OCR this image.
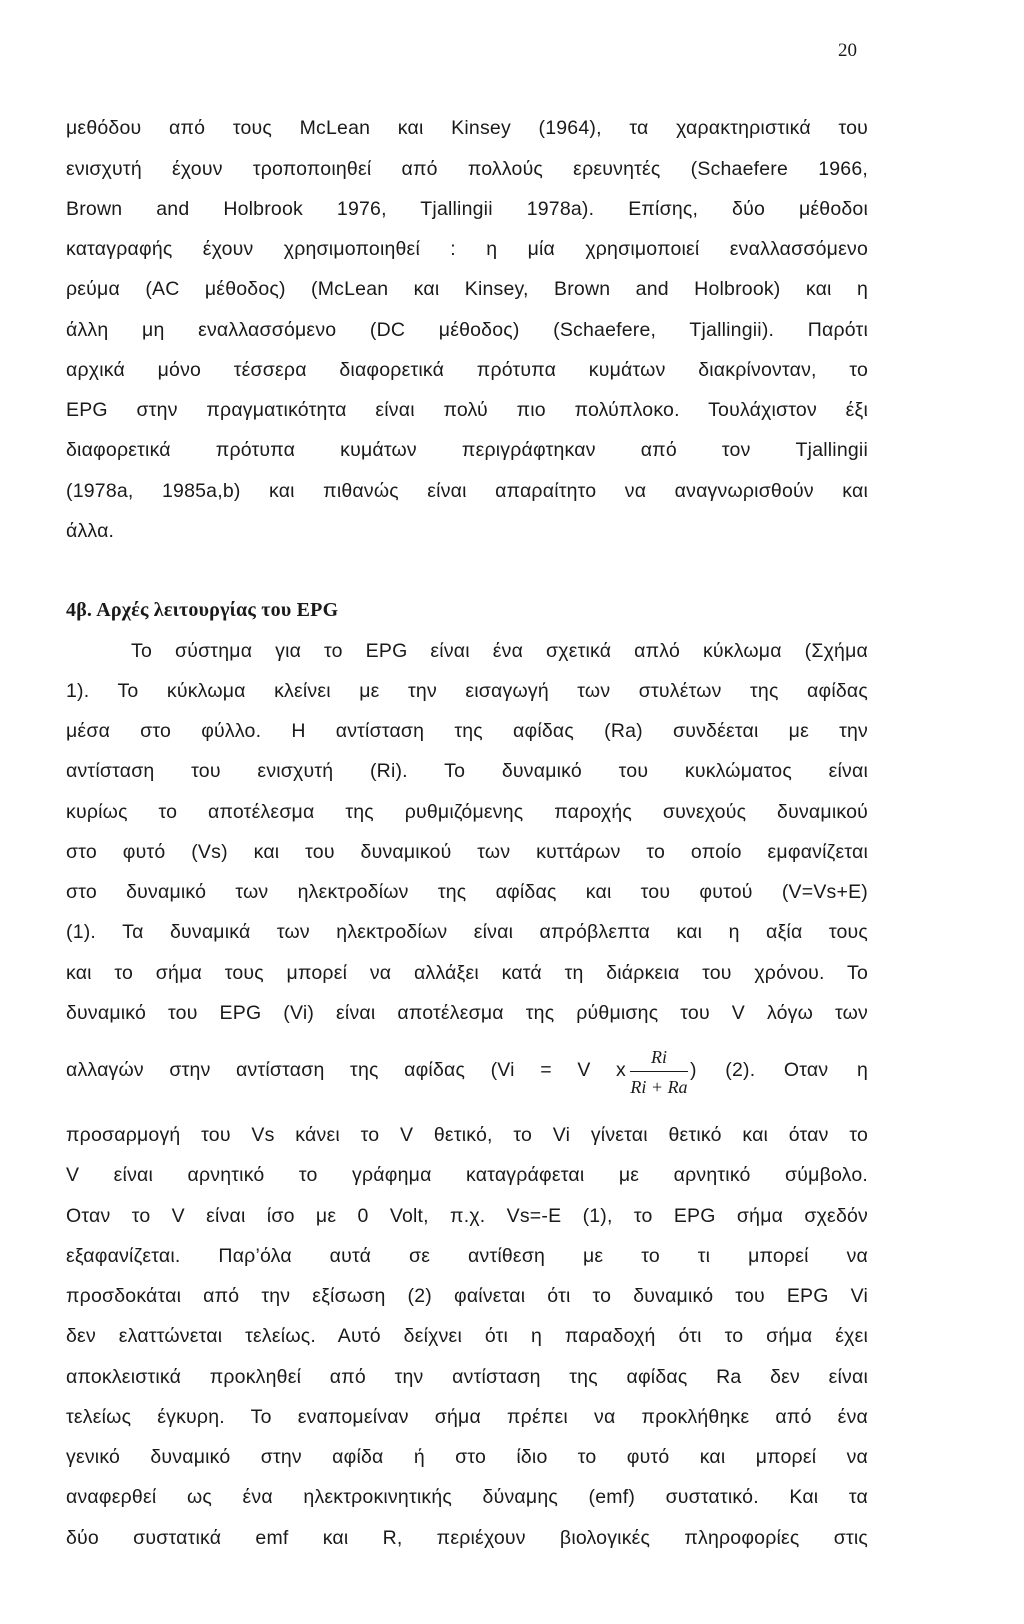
20
μεθόδου από τους McLean και Kinsey (1964), τα χαρακτηριστικά του
ενισχυτή έχουν τροποποιηθεί από πολλούς ερευνητές (Schaefere 1966,
Brown and Holbrook 1976, Tjallingii 1978a). Επίσης, δύο μέθοδοι
καταγραφής έχουν χρησιμοποιηθεί : η μία χρησιμοποιεί εναλλασσόμενο
ρεύμα (AC μέθοδος) (McLean και Kinsey, Brown and Holbrook) και η
άλλη μη εναλλασσόμενο (DC μέθοδος) (Schaefere, Tjallingii). Παρότι
αρχικά μόνο τέσσερα διαφορετικά πρότυπα κυμάτων διακρίνονταν, το
EPG στην πραγματικότητα είναι πολύ πιο πολύπλοκο. Τουλάχιστον έξι
διαφορετικά πρότυπα κυμάτων περιγράφτηκαν από τον Tjallingii
(1978a, 1985a,b) και πιθανώς είναι απαραίτητο να αναγνωρισθούν και
άλλα.
4β. Αρχές λειτουργίας του EPG
Το σύστημα για το EPG είναι ένα σχετικά απλό κύκλωμα (Σχήμα
1). Το κύκλωμα κλείνει με την εισαγωγή των στυλέτων της αφίδας
μέσα στο φύλλο. Η αντίσταση της αφίδας (Ra) συνδέεται με την
αντίσταση του ενισχυτή (Ri). Το δυναμικό του κυκλώματος είναι
κυρίως το αποτέλεσμα της ρυθμιζόμενης παροχής συνεχούς δυναμικού
στο φυτό (Vs) και του δυναμικού των κυττάρων το οποίο εμφανίζεται
στο δυναμικό των ηλεκτροδίων της αφίδας και του φυτού (V=Vs+E)
(1). Τα δυναμικά των ηλεκτροδίων είναι απρόβλεπτα και η αξία τους
και το σήμα τους μπορεί να αλλάξει κατά τη διάρκεια του χρόνου. Το
δυναμικό του EPG (Vi) είναι αποτέλεσμα της ρύθμισης του V λόγω των
αλλαγών στην αντίσταση της αφίδας (Vi = V x
Ri
Ri + Ra
) (2). Οταν η
προσαρμογή του Vs κάνει το V θετικό, το Vi γίνεται θετικό και όταν το
V είναι αρνητικό το γράφημα καταγράφεται με αρνητικό σύμβολο.
Οταν το V είναι ίσο με 0 Volt, π.χ. Vs=-E (1), το EPG σήμα σχεδόν
εξαφανίζεται. Παρ’όλα αυτά σε αντίθεση με το τι μπορεί να
προσδοκάται από την εξίσωση (2) φαίνεται ότι το δυναμικό του EPG Vi
δεν ελαττώνεται τελείως. Αυτό δείχνει ότι η παραδοχή ότι το σήμα έχει
αποκλειστικά προκληθεί από την αντίσταση της αφίδας Ra δεν είναι
τελείως έγκυρη. Το εναπομείναν σήμα πρέπει να προκλήθηκε από ένα
γενικό δυναμικό στην αφίδα ή στο ίδιο το φυτό και μπορεί να
αναφερθεί ως ένα ηλεκτροκινητικής δύναμης (emf) συστατικό. Και τα
δύο συστατικά emf και R, περιέχουν βιολογικές πληροφορίες στις
